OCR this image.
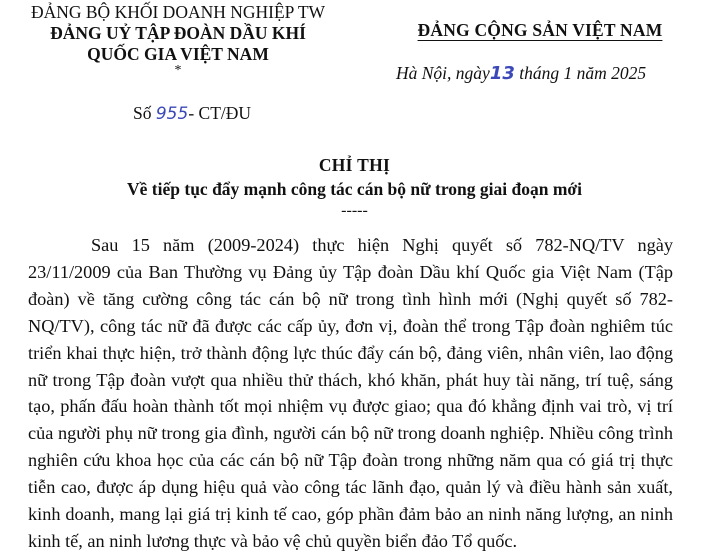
ĐẢNG BỘ KHỐI DOANH NGHIỆP TW
ĐẢNG UỶ TẬP ĐOÀN DẦU KHÍ
QUỐC GIA VIỆT NAM
*
Số 955- CT/ĐU
ĐẢNG CỘNG SẢN VIỆT NAM
Hà Nội, ngày13 tháng 1 năm 2025
CHỈ THỊ
Về tiếp tục đẩy mạnh công tác cán bộ nữ trong giai đoạn mới
-----

Sau 15 năm (2009-2024) thực hiện Nghị quyết số 782-NQ/TV ngày 23/11/2009 của Ban Thường vụ Đảng ủy Tập đoàn Dầu khí Quốc gia Việt Nam (Tập đoàn) về tăng cường công tác cán bộ nữ trong tình hình mới (Nghị quyết số 782-NQ/TV), công tác nữ đã được các cấp ủy, đơn vị, đoàn thể trong Tập đoàn nghiêm túc triển khai thực hiện, trở thành động lực thúc đẩy cán bộ, đảng viên, nhân viên, lao động nữ trong Tập đoàn vượt qua nhiều thử thách, khó khăn, phát huy tài năng, trí tuệ, sáng tạo, phấn đấu hoàn thành tốt mọi nhiệm vụ được giao; qua đó khẳng định vai trò, vị trí của người phụ nữ trong gia đình, người cán bộ nữ trong doanh nghiệp. Nhiều công trình nghiên cứu khoa học của các cán bộ nữ Tập đoàn trong những năm qua có giá trị thực tiễn cao, được áp dụng hiệu quả vào công tác lãnh đạo, quản lý và điều hành sản xuất, kinh doanh, mang lại giá trị kinh tế cao, góp phần đảm bảo an ninh năng lượng, an ninh kinh tế, an ninh lương thực và bảo vệ chủ quyền biển đảo Tổ quốc.
